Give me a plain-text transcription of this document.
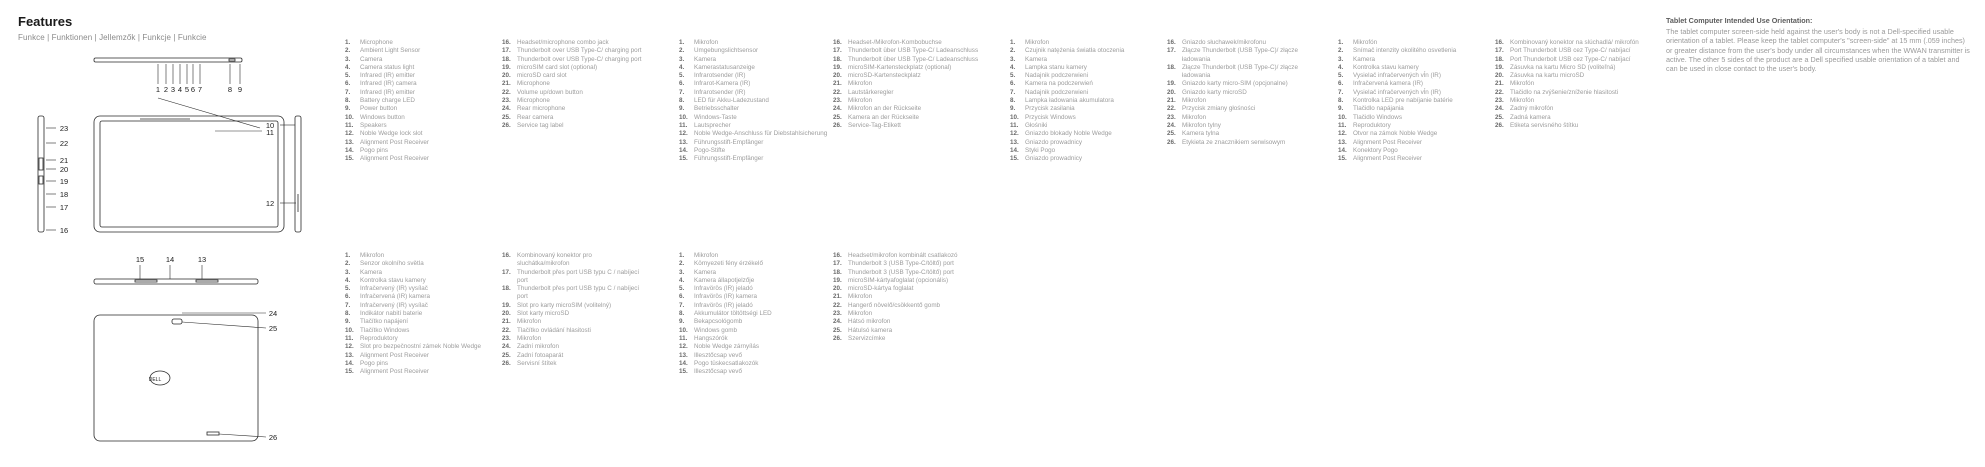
Features
Funkce | Funktionen | Jellemzők | Funkcje | Funkcie
DELL
1 2 3 4 5 6 7	8 9
10
11
12
23
22
21
20
19
18
17
16
15	14	13
24
25
26
1.	Microphone
2.	Ambient Light Sensor
3.	Camera
4.	Camera status light
5.	Infrared (IR) emitter
6.	Infrared (IR) camera
7.	Infrared (IR) emitter
8.	Battery charge LED
9.	Power button
10. Windows button
11.	Speakers
12. Noble Wedge lock slot
13. Alignment Post Receiver
14. Pogo pins
15. Alignment Post Receiver
16. Headset/microphone combo jack
17. Thunderbolt over USB Type-C/ charging port
18. Thunderbolt over USB Type-C/ charging port
19. microSIM card slot (optional)
20. microSD card slot
21. Microphone
22. Volume up/down button
23. Microphone
24. Rear microphone
25. Rear camera
26. Service tag label
1.	Mikrofon
2.	Umgebungslichtsensor
3.	Kamera
4.	Kamerastatusanzeige
5.	Infrarotsender (IR)
6.	Infrarot-Kamera (IR)
7.	Infrarotsender (IR)
8.	LED für Akku-Ladezustand
9.	Betriebsschalter
10. Windows-Taste
11.	Lautsprecher
12. Noble Wedge-Anschluss für Diebstahlsicherung
13. Führungsstift-Empfänger
14. Pogo-Stifte
15. Führungsstift-Empfänger
16. Headset-/Mikrofon-Kombobuchse
17. Thunderbolt über USB Type-C/ Ladeanschluss
18. Thunderbolt über USB Type-C/ Ladeanschluss
19. microSIM-Kartensteckplatz (optional)
20. microSD-Kartensteckplatz
21. Mikrofon
22. Lautstärkeregler
23. Mikrofon
24. Mikrofon an der Rückseite
25. Kamera an der Rückseite
26. Service-Tag-Etikett
1.	Mikrofon
2.	Czujnik natężenia światła otoczenia
3.	Kamera
4.	Lampka stanu kamery
5.	Nadajnik podczerwieni
6.	Kamera na podczerwień
7.	Nadajnik podczerwieni
8.	Lampka ładowania akumulatora
9.	Przycisk zasilania
10. Przycisk Windows
11.	Głośniki
12. Gniazdo blokady Noble Wedge
13. Gniazdo prowadnicy
14. Styki Pogo
15. Gniazdo prowadnicy
16. Gniazdo słuchawek/mikrofonu
17. Złącze Thunderbolt (USB Type-C)/ złącze ładowania
18. Złącze Thunderbolt (USB Type-C)/ złącze ładowania
19. Gniazdo karty micro-SIM (opcjonalne)
20. Gniazdo karty microSD
21. Mikrofon
22. Przycisk zmiany głośności
23. Mikrofon
24. Mikrofon tylny
25. Kamera tylna
26. Etykieta ze znacznikiem serwisowym
1.	Mikrofón
2.	Snímač intenzity okolitého osvetlenia
3.	Kamera
4.	Kontrolka stavu kamery
5.	Vysielač infračervených vĺn (IR)
6.	Infračervená kamera (IR)
7.	Vysielač infračervených vĺn (IR)
8.	Kontrolka LED pre nabíjanie batérie
9.	Tlačidlo napájania
10. Tlačidlo Windows
11.	Reproduktory
12. Otvor na zámok Noble Wedge
13. Alignment Post Receiver
14. Konektory Pogo
15. Alignment Post Receiver
16. Kombinovaný konektor na slúchadlá/ mikrofón
17. Port Thunderbolt USB cez Type-C/ nabíjací
18. Port Thunderbolt USB cez Type-C/ nabíjací
19. Zásuvka na kartu Micro SD (voliteľná)
20. Zásuvka na kartu microSD
21. Mikrofón
22. Tlačidlo na zvýšenie/zníženie hlasitosti
23. Mikrofón
24. Zadný mikrofón
25. Zadná kamera
26. Etiketa servisného štítku
1.	Mikrofon
2.	Senzor okolního světla
3.	Kamera
4.	Kontrolka stavu kamery
5.	Infračervený (IR) vysílač
6.	Infračervená (IR) kamera
7.	Infračervený (IR) vysílač
8.	Indikátor nabití baterie
9.	Tlačítko napájení
10. Tlačítko Windows
11.	Reproduktory
12. Slot pro bezpečnostní zámek Noble Wedge
13. Alignment Post Receiver
14. Pogo pins
15. Alignment Post Receiver
16. Kombinovaný konektor pro sluchátka/mikrofon
17. Thunderbolt přes port USB typu C / nabíjecí port
18. Thunderbolt přes port USB typu C / nabíjecí port
19. Slot pro karty microSIM (volitelný)
20. Slot karty microSD
21. Mikrofon
22. Tlačítko ovládání hlasitosti
23. Mikrofon
24. Zadní mikrofon
25. Zadní fotoaparát
26. Servisní štítek
1.	Mikrofon
2.	Környezeti fény érzékelő
3.	Kamera
4.	Kamera állapotjelzője
5.	Infravörös (IR) jeladó
6.	Infravörös (IR) kamera
7.	Infravörös (IR) jeladó
8.	Akkumulátor töltöttségi LED
9.	Bekapcsológomb
10. Windows gomb
11.	Hangszórók
12. Noble Wedge zárnyílás
13. Illesztőcsap vevő
14. Pogo tüskecsatlakozók
15. Illesztőcsap vevő
16. Headset/mikrofon kombinált csatlakozó
17. Thunderbolt 3 (USB Type-C/töltő) port
18. Thunderbolt 3 (USB Type-C/töltő) port
19. microSIM-kártyafoglalat (opcionális)
20. microSD-kártya foglalat
21. Mikrofon
22. Hangerő növelő/csökkentő gomb
23. Mikrofon
24. Hátsó mikrofon
25. Hátulsó kamera
26. Szervizcímke
Tablet Computer Intended Use Orientation:
The tablet computer screen-side held against the user's body is not a Dell-specified usable orientation of a tablet. Please keep the tablet computer's "screen-side" at 15 mm (.059 inches) or greater distance from the user's body under all circumstances when the WWAN transmitter is active. The other 5 sides of the product are a Dell specified usable orientation of a tablet and can be used in close contact to the user's body.
